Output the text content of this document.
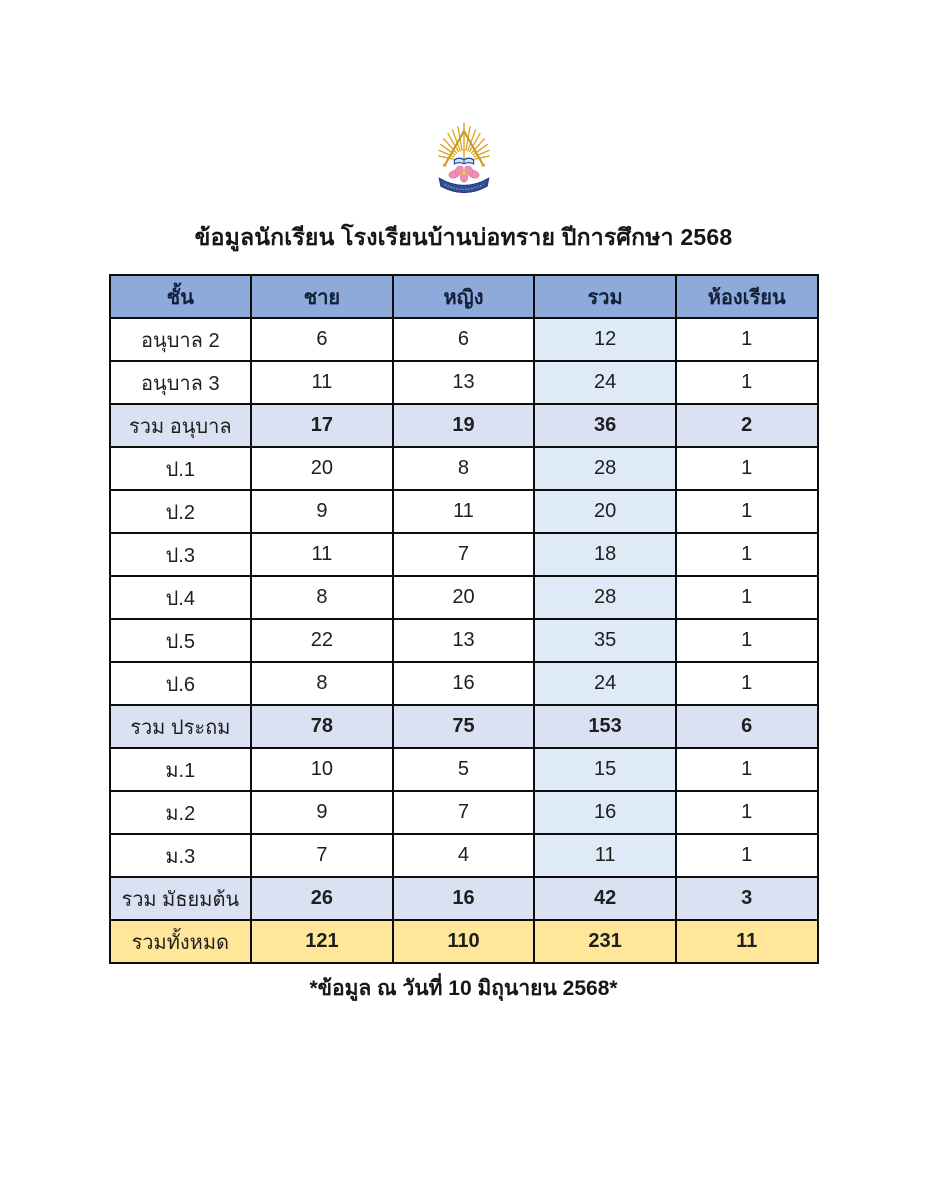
ข้อมูลนักเรียน โรงเรียนบ้านบ่อทราย ปีการศึกษา 2568
ชั้น	ชาย	หญิง	รวม	ห้องเรียน
อนุบาล 2	6	6	12	1
อนุบาล 3	11	13	24	1
รวม อนุบาล	17	19	36	2
ป.1	20	8	28	1
ป.2	9	11	20	1
ป.3	11	7	18	1
ป.4	8	20	28	1
ป.5	22	13	35	1
ป.6	8	16	24	1
รวม ประถม	78	75	153	6
ม.1	10	5	15	1
ม.2	9	7	16	1
ม.3	7	4	11	1
รวม มัธยมต้น	26	16	42	3
รวมทั้งหมด	121	110	231	11

*ข้อมูล ณ วันที่ 10 มิถุนายน 2568*
